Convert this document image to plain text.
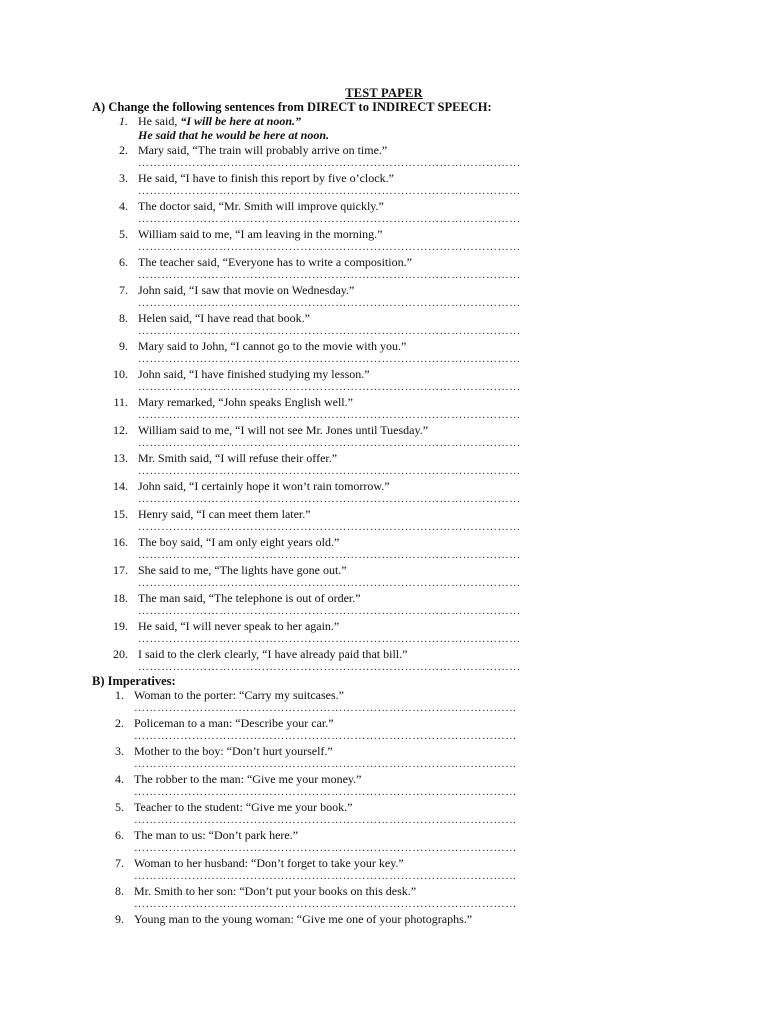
TEST PAPER
A) Change the following sentences from DIRECT to INDIRECT SPEECH:
1. He said, “I will be here at noon.”
He said that he would be here at noon.
2. Mary said, “The train will probably arrive on time.”
………………………………………………………………………………………
3. He said, “I have to finish this report by five o’clock.”
………………………………………………………………………………………
4. The doctor said, “Mr. Smith will improve quickly.”
………………………………………………………………………………………
5. William said to me, “I am leaving in the morning.”
………………………………………………………………………………………
6. The teacher said, “Everyone has to write a composition.”
………………………………………………………………………………………
7. John said, “I saw that movie on Wednesday.”
………………………………………………………………………………………
8. Helen said, “I have read that book.”
………………………………………………………………………………………
9. Mary said to John, “I cannot go to the movie with you.”
………………………………………………………………………………………
10. John said, “I have finished studying my lesson.”
………………………………………………………………………………………
11. Mary remarked, “John speaks English well.”
………………………………………………………………………………………
12. William said to me, “I will not see Mr. Jones until Tuesday.”
………………………………………………………………………………………
13. Mr. Smith said, “I will refuse their offer.”
………………………………………………………………………………………
14. John said, “I certainly hope it won’t rain tomorrow.”
………………………………………………………………………………………
15. Henry said, “I can meet them later.”
………………………………………………………………………………………
16. The boy said, “I am only eight years old.”
………………………………………………………………………………………
17. She said to me, “The lights have gone out.”
………………………………………………………………………………………
18. The man said, “The telephone is out of order.”
………………………………………………………………………………………
19. He said, “I will never speak to her again.”
………………………………………………………………………………………
20. I said to the clerk clearly, “I have already paid that bill.”
………………………………………………………………………………………
B) Imperatives:
1. Woman to the porter: “Carry my suitcases.”
………………………………………………………………………………………
2. Policeman to a man: “Describe your car.”
………………………………………………………………………………………
3. Mother to the boy: “Don’t hurt yourself.”
………………………………………………………………………………………
4. The robber to the man: “Give me your money.”
………………………………………………………………………………………
5. Teacher to the student: “Give me your book.”
………………………………………………………………………………………
6. The man to us: “Don’t park here.”
………………………………………………………………………………………
7. Woman to her husband: “Don’t forget to take your key.”
………………………………………………………………………………………
8. Mr. Smith to her son: “Don’t put your books on this desk.”
………………………………………………………………………………………
9. Young man to the young woman: “Give me one of your photographs.”
